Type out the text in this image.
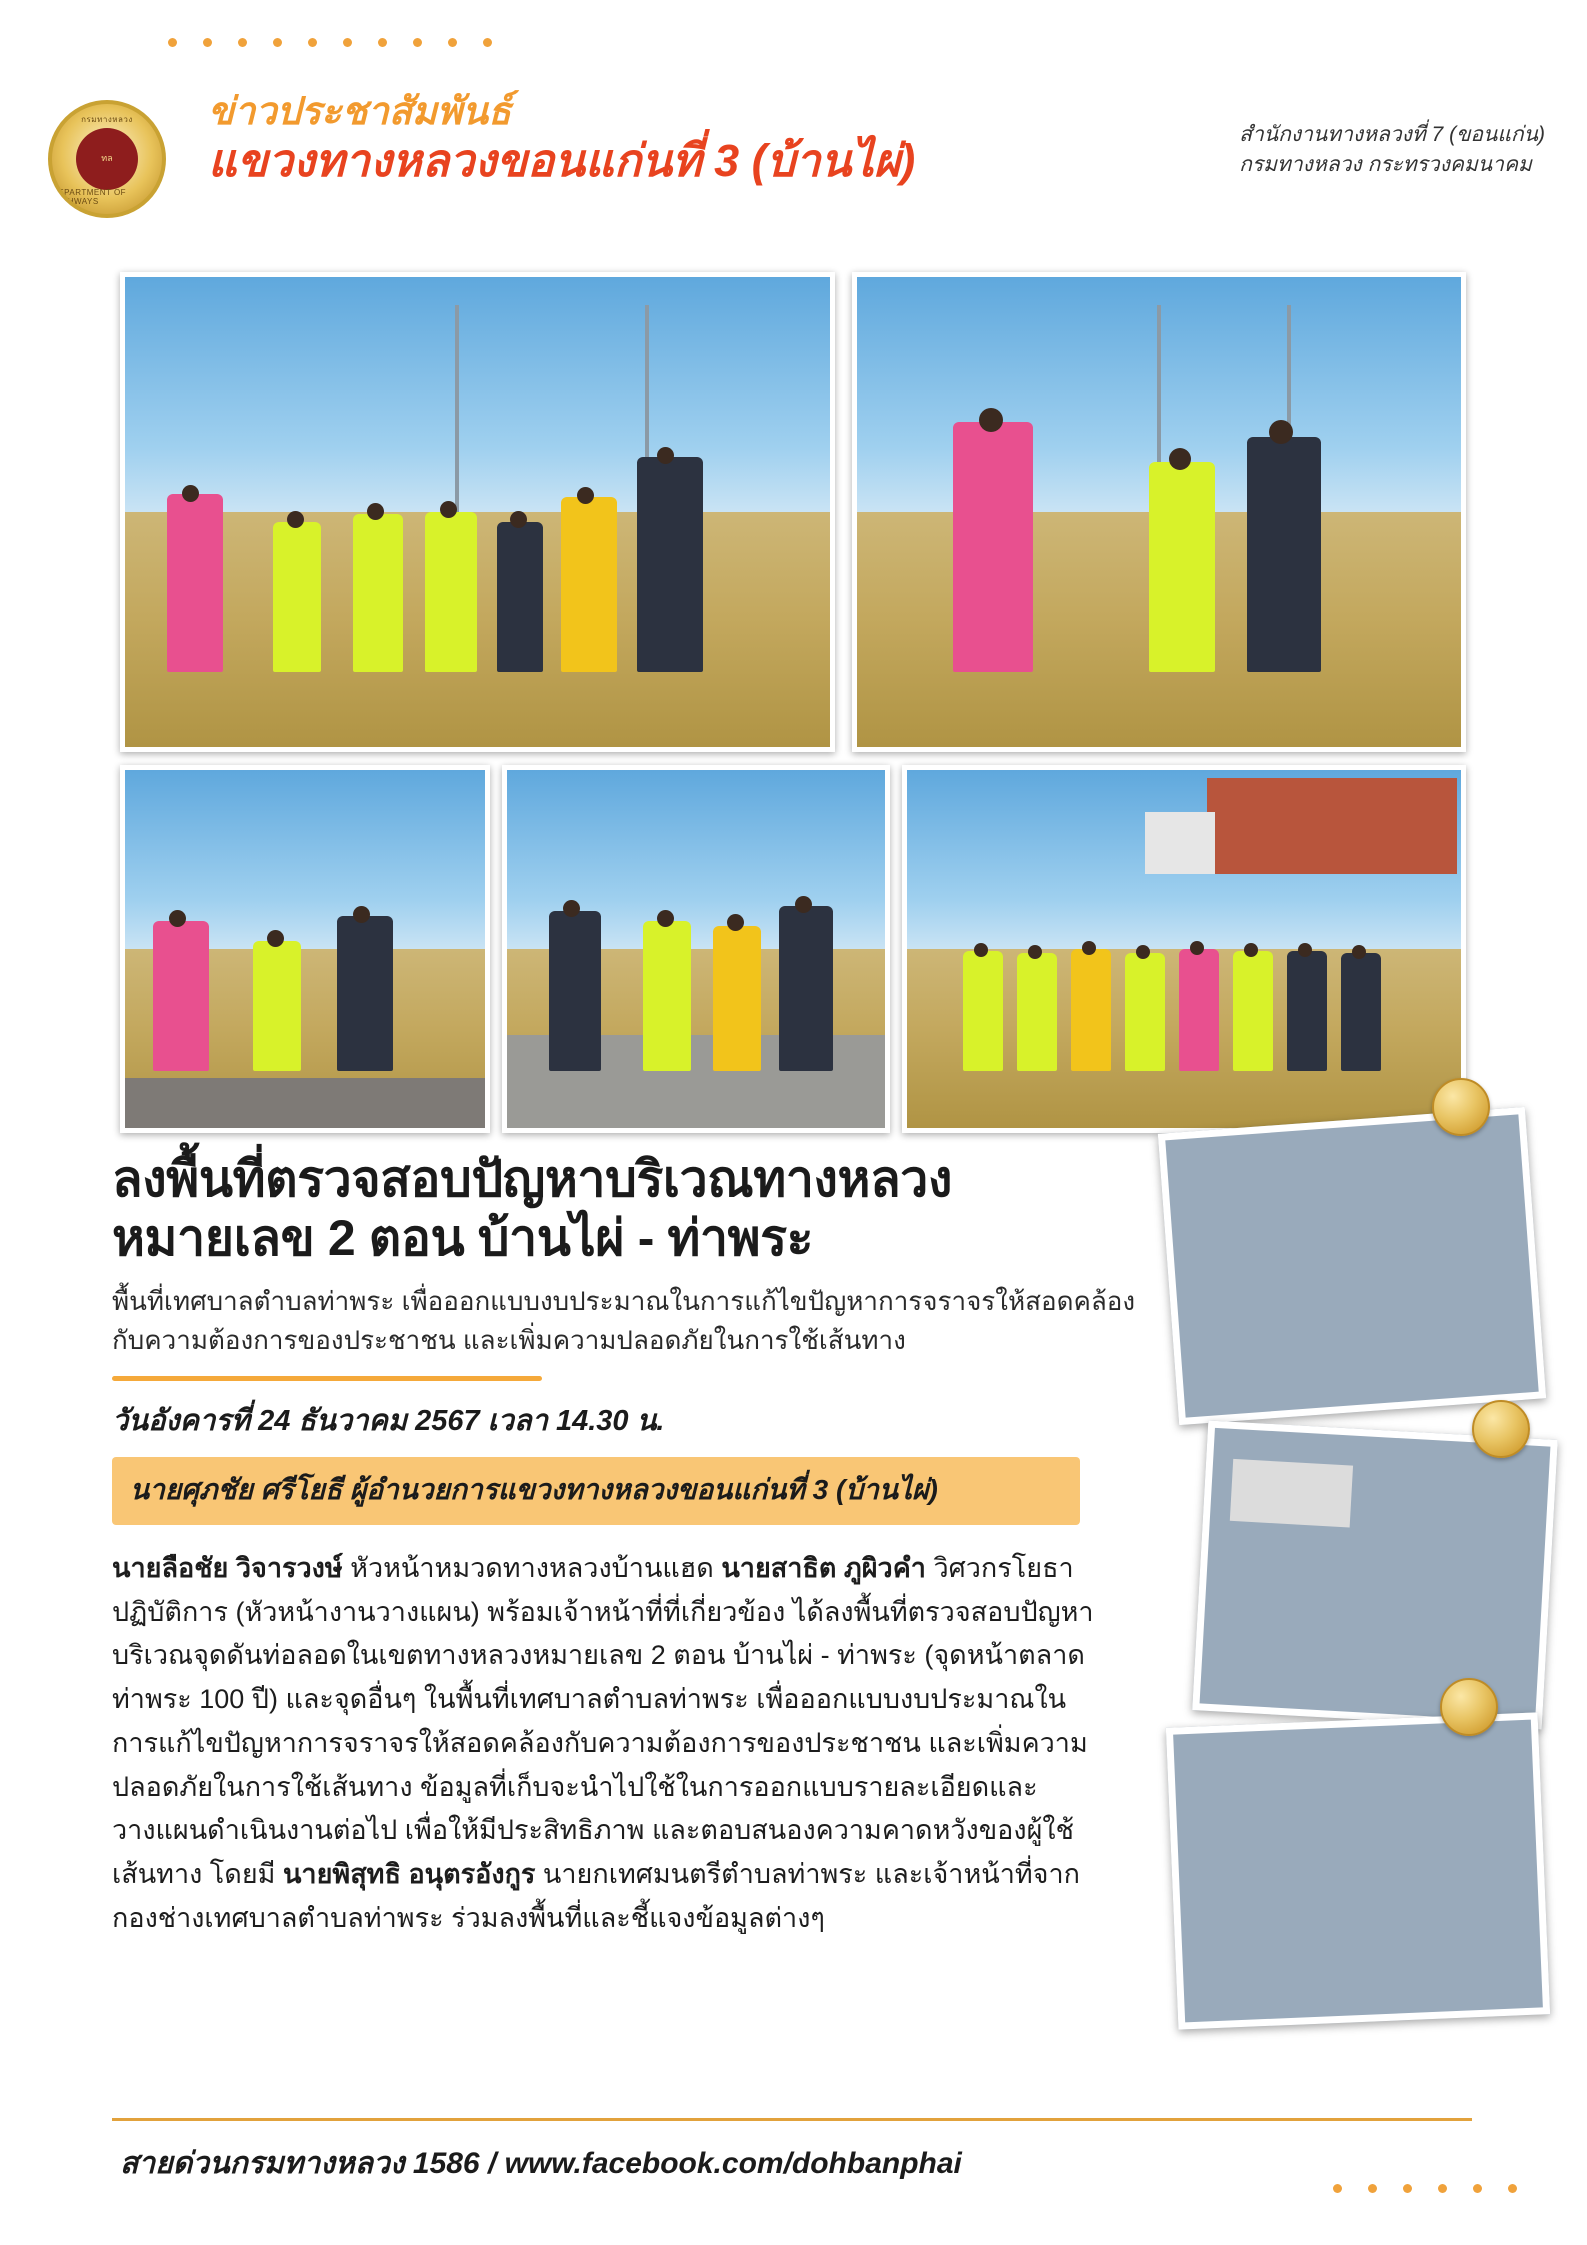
กรมทางหลวง
ทล
DEPARTMENT OF HIGHWAYS
ข่าวประชาสัมพันธ์
แขวงทางหลวงขอนแก่นที่ 3 (บ้านไผ่)
สำนักงานทางหลวงที่ 7 (ขอนแก่น)
กรมทางหลวง กระทรวงคมนาคม
ลงพื้นที่ตรวจสอบปัญหาบริเวณทางหลวง
หมายเลข 2 ตอน บ้านไผ่ - ท่าพระ
พื้นที่เทศบาลตำบลท่าพระ เพื่อออกแบบงบประมาณในการแก้ไขปัญหาการจราจรให้สอดคล้องกับความต้องการของประชาชน และเพิ่มความปลอดภัยในการใช้เส้นทาง
วันอังคารที่ 24 ธันวาคม 2567 เวลา 14.30 น.
นายศุภชัย ศรีโยธี ผู้อำนวยการแขวงทางหลวงขอนแก่นที่ 3 (บ้านไผ่)
นายลือชัย วิจารวงษ์ หัวหน้าหมวดทางหลวงบ้านแฮด นายสาธิต ภูผิวคำ วิศวกรโยธาปฏิบัติการ (หัวหน้างานวางแผน) พร้อมเจ้าหน้าที่ที่เกี่ยวข้อง ได้ลงพื้นที่ตรวจสอบปัญหาบริเวณจุดดันท่อลอดในเขตทางหลวงหมายเลข 2 ตอน บ้านไผ่ - ท่าพระ (จุดหน้าตลาดท่าพระ 100 ปี) และจุดอื่นๆ ในพื้นที่เทศบาลตำบลท่าพระ เพื่อออกแบบงบประมาณในการแก้ไขปัญหาการจราจรให้สอดคล้องกับความต้องการของประชาชน และเพิ่มความปลอดภัยในการใช้เส้นทาง ข้อมูลที่เก็บจะนำไปใช้ในการออกแบบรายละเอียดและวางแผนดำเนินงานต่อไป เพื่อให้มีประสิทธิภาพ และตอบสนองความคาดหวังของผู้ใช้เส้นทาง โดยมี นายพิสุทธิ อนุตรอังกูร นายกเทศมนตรีตำบลท่าพระ และเจ้าหน้าที่จากกองช่างเทศบาลตำบลท่าพระ ร่วมลงพื้นที่และชี้แจงข้อมูลต่างๆ
สายด่วนกรมทางหลวง 1586 / www.facebook.com/dohbanphai
